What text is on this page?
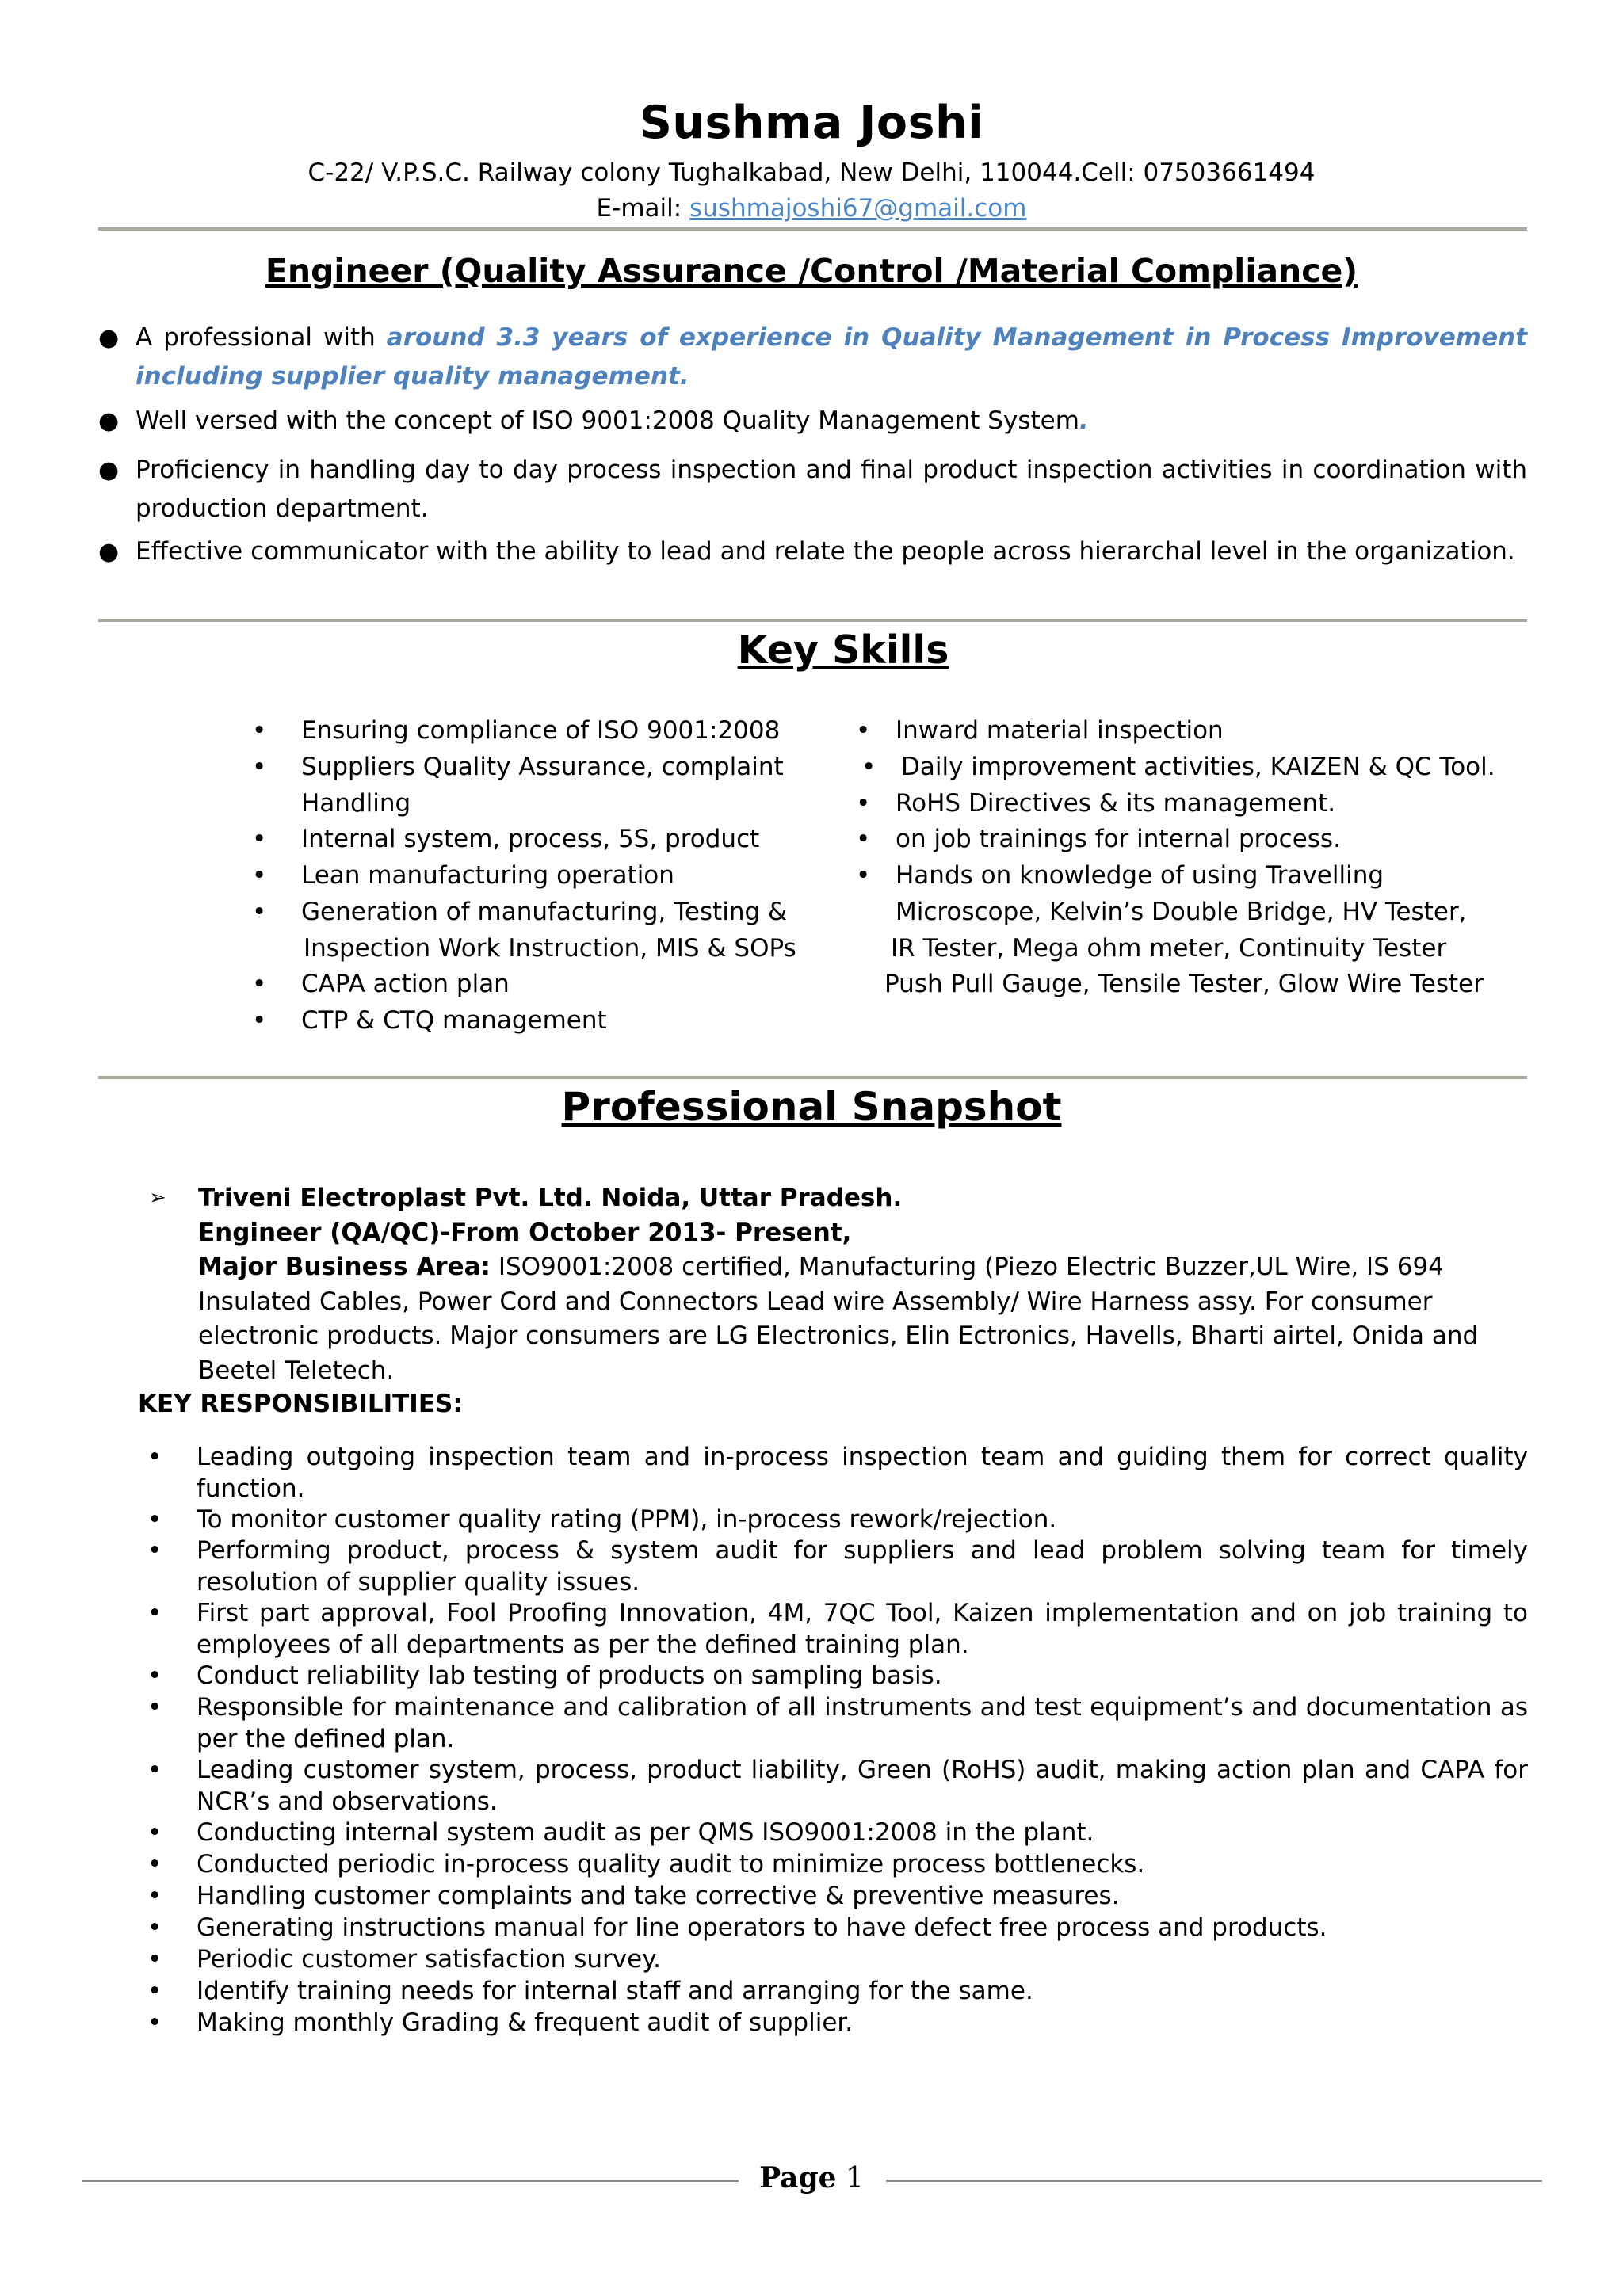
Sushma Joshi
C-22/ V.P.S.C. Railway colony Tughalkabad, New Delhi, 110044.Cell: 07503661494
E-mail: sushmajoshi67@gmail.com
Engineer (Quality Assurance /Control /Material Compliance)
● A professional with around 3.3 years of experience in Quality Management in Process Improvement including supplier quality management.
● Well versed with the concept of ISO 9001:2008 Quality Management System.
● Proficiency in handling day to day process inspection and final product inspection activities in coordination with production department.
● Effective communicator with the ability to lead and relate the people across hierarchal level in the organization.
Key Skills
• Ensuring compliance of ISO 9001:2008
• Suppliers Quality Assurance, complaint
Handling
• Internal system, process, 5S, product
• Lean manufacturing operation
• Generation of manufacturing, Testing &
Inspection Work Instruction, MIS & SOPs
• CAPA action plan
• CTP & CTQ management
• Inward material inspection
• Daily improvement activities, KAIZEN & QC Tool.
• RoHS Directives & its management.
• on job trainings for internal process.
• Hands on knowledge of using Travelling
Microscope, Kelvin’s Double Bridge, HV Tester,
IR Tester, Mega ohm meter, Continuity Tester
Push Pull Gauge, Tensile Tester, Glow Wire Tester
Professional Snapshot
➢ Triveni Electroplast Pvt. Ltd. Noida, Uttar Pradesh.
Engineer (QA/QC)-From October 2013- Present,
Major Business Area: ISO9001:2008 certified, Manufacturing (Piezo Electric Buzzer,UL Wire, IS 694 Insulated Cables, Power Cord and Connectors Lead wire Assembly/ Wire Harness assy. For consumer electronic products. Major consumers are LG Electronics, Elin Ectronics, Havells, Bharti airtel, Onida and Beetel Teletech.
KEY RESPONSIBILITIES:
• Leading outgoing inspection team and in-process inspection team and guiding them for correct quality function.
• To monitor customer quality rating (PPM), in-process rework/rejection.
• Performing product, process & system audit for suppliers and lead problem solving team for timely resolution of supplier quality issues.
• First part approval, Fool Proofing Innovation, 4M, 7QC Tool, Kaizen implementation and on job training to employees of all departments as per the defined training plan.
• Conduct reliability lab testing of products on sampling basis.
• Responsible for maintenance and calibration of all instruments and test equipment’s and documentation as per the defined plan.
• Leading customer system, process, product liability, Green (RoHS) audit, making action plan and CAPA for NCR’s and observations.
• Conducting internal system audit as per QMS ISO9001:2008 in the plant.
• Conducted periodic in-process quality audit to minimize process bottlenecks.
• Handling customer complaints and take corrective & preventive measures.
• Generating instructions manual for line operators to have defect free process and products.
• Periodic customer satisfaction survey.
• Identify training needs for internal staff and arranging for the same.
• Making monthly Grading & frequent audit of supplier.
Page 1
